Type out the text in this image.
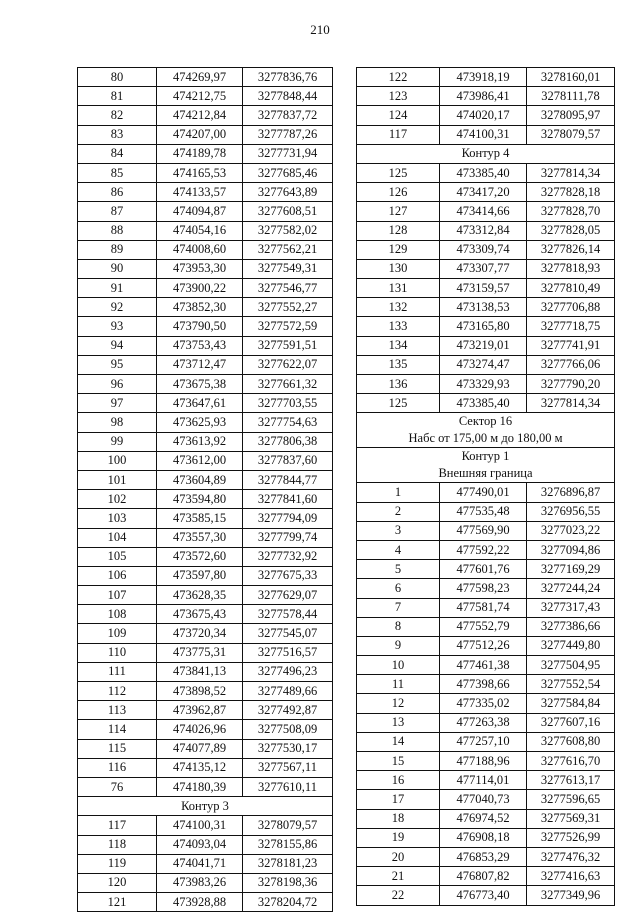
210
80	474269,97	3277836,76
81	474212,75	3277848,44
82	474212,84	3277837,72
83	474207,00	3277787,26
84	474189,78	3277731,94
85	474165,53	3277685,46
86	474133,57	3277643,89
87	474094,87	3277608,51
88	474054,16	3277582,02
89	474008,60	3277562,21
90	473953,30	3277549,31
91	473900,22	3277546,77
92	473852,30	3277552,27
93	473790,50	3277572,59
94	473753,43	3277591,51
95	473712,47	3277622,07
96	473675,38	3277661,32
97	473647,61	3277703,55
98	473625,93	3277754,63
99	473613,92	3277806,38
100	473612,00	3277837,60
101	473604,89	3277844,77
102	473594,80	3277841,60
103	473585,15	3277794,09
104	473557,30	3277799,74
105	473572,60	3277732,92
106	473597,80	3277675,33
107	473628,35	3277629,07
108	473675,43	3277578,44
109	473720,34	3277545,07
110	473775,31	3277516,57
111	473841,13	3277496,23
112	473898,52	3277489,66
113	473962,87	3277492,87
114	474026,96	3277508,09
115	474077,89	3277530,17
116	474135,12	3277567,11
76	474180,39	3277610,11

Контур 3		

117	474100,31	3278079,57
118	474093,04	3278155,86
119	474041,71	3278181,23
120	473983,26	3278198,36
121	473928,88	3278204,72
122	473918,19	3278160,01
123	473986,41	3278111,78
124	474020,17	3278095,97
117	474100,31	3278079,57

Контур 4		

125	473385,40	3277814,34
126	473417,20	3277828,18
127	473414,66	3277828,70
128	473312,84	3277828,05
129	473309,74	3277826,14
130	473307,77	3277818,93
131	473159,57	3277810,49
132	473138,53	3277706,88
133	473165,80	3277718,75
134	473219,01	3277741,91
135	473274,47	3277766,06
136	473329,93	3277790,20
125	473385,40	3277814,34

Сектор 16
Набс от 175,00 м до 180,00 м		

Контур 1
Внешняя граница		

1	477490,01	3276896,87
2	477535,48	3276956,55
3	477569,90	3277023,22
4	477592,22	3277094,86
5	477601,76	3277169,29
6	477598,23	3277244,24
7	477581,74	3277317,43
8	477552,79	3277386,66
9	477512,26	3277449,80
10	477461,38	3277504,95
11	477398,66	3277552,54
12	477335,02	3277584,84
13	477263,38	3277607,16
14	477257,10	3277608,80
15	477188,96	3277616,70
16	477114,01	3277613,17
17	477040,73	3277596,65
18	476974,52	3277569,31
19	476908,18	3277526,99
20	476853,29	3277476,32
21	476807,82	3277416,63
22	476773,40	3277349,96
